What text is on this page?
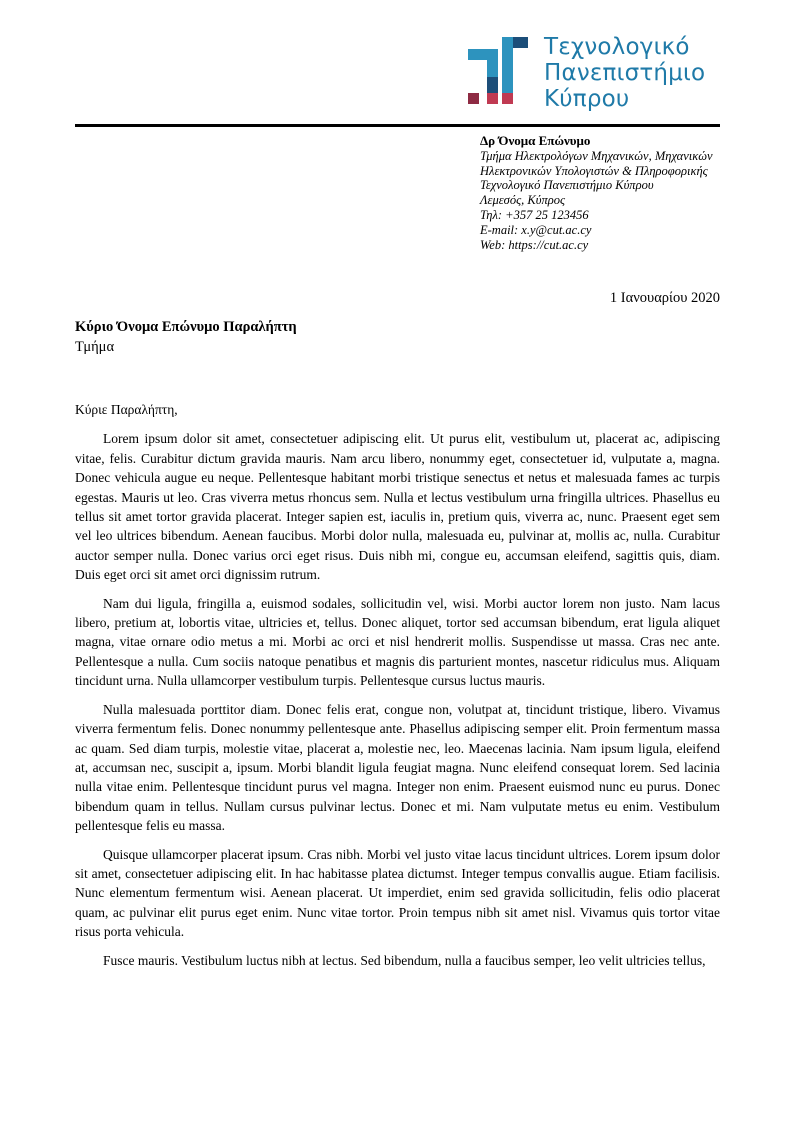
Τεχνολογικό
Πανεπιστήμιο
Κύπρου
Δρ Όνομα Επώνυμο
Τμήμα Ηλεκτρολόγων Μηχανικών, Μηχανικών
Ηλεκτρονικών Υπολογιστών & Πληροφορικής
Τεχνολογικό Πανεπιστήμιο Κύπρου
Λεμεσός, Κύπρος
Τηλ: +357 25 123456
E-mail: x.y@cut.ac.cy
Web: https://cut.ac.cy
1 Ιανουαρίου 2020
Κύριο Όνομα Επώνυμο Παραλήπτη
Τμήμα

Κύριε Παραλήπτη,

Lorem ipsum dolor sit amet, consectetuer adipiscing elit. Ut purus elit, vestibulum ut, placerat ac, adipiscing vitae, felis. Curabitur dictum gravida mauris. Nam arcu libero, nonummy eget, consectetuer id, vulputate a, magna. Donec vehicula augue eu neque. Pellentesque habitant morbi tristique senectus et netus et malesuada fames ac turpis egestas. Mauris ut leo. Cras viverra metus rhoncus sem. Nulla et lectus vestibulum urna fringilla ultrices. Phasellus eu tellus sit amet tortor gravida placerat. Integer sapien est, iaculis in, pretium quis, viverra ac, nunc. Praesent eget sem vel leo ultrices bibendum. Aenean faucibus. Morbi dolor nulla, malesuada eu, pulvinar at, mollis ac, nulla. Curabitur auctor semper nulla. Donec varius orci eget risus. Duis nibh mi, congue eu, accumsan eleifend, sagittis quis, diam. Duis eget orci sit amet orci dignissim rutrum.

Nam dui ligula, fringilla a, euismod sodales, sollicitudin vel, wisi. Morbi auctor lorem non justo. Nam lacus libero, pretium at, lobortis vitae, ultricies et, tellus. Donec aliquet, tortor sed accumsan bibendum, erat ligula aliquet magna, vitae ornare odio metus a mi. Morbi ac orci et nisl hendrerit mollis. Suspendisse ut massa. Cras nec ante. Pellentesque a nulla. Cum sociis natoque penatibus et magnis dis parturient montes, nascetur ridiculus mus. Aliquam tincidunt urna. Nulla ullamcorper vestibulum turpis. Pellentesque cursus luctus mauris.

Nulla malesuada porttitor diam. Donec felis erat, congue non, volutpat at, tincidunt tristique, libero. Vivamus viverra fermentum felis. Donec nonummy pellentesque ante. Phasellus adipiscing semper elit. Proin fermentum massa ac quam. Sed diam turpis, molestie vitae, placerat a, molestie nec, leo. Maecenas lacinia. Nam ipsum ligula, eleifend at, accumsan nec, suscipit a, ipsum. Morbi blandit ligula feugiat magna. Nunc eleifend consequat lorem. Sed lacinia nulla vitae enim. Pellentesque tincidunt purus vel magna. Integer non enim. Praesent euismod nunc eu purus. Donec bibendum quam in tellus. Nullam cursus pulvinar lectus. Donec et mi. Nam vulputate metus eu enim. Vestibulum pellentesque felis eu massa.

Quisque ullamcorper placerat ipsum. Cras nibh. Morbi vel justo vitae lacus tincidunt ultrices. Lorem ipsum dolor sit amet, consectetuer adipiscing elit. In hac habitasse platea dictumst. Integer tempus convallis augue. Etiam facilisis. Nunc elementum fermentum wisi. Aenean placerat. Ut imperdiet, enim sed gravida sollicitudin, felis odio placerat quam, ac pulvinar elit purus eget enim. Nunc vitae tortor. Proin tempus nibh sit amet nisl. Vivamus quis tortor vitae risus porta vehicula.

Fusce mauris. Vestibulum luctus nibh at lectus. Sed bibendum, nulla a faucibus semper, leo velit ultricies tellus,
